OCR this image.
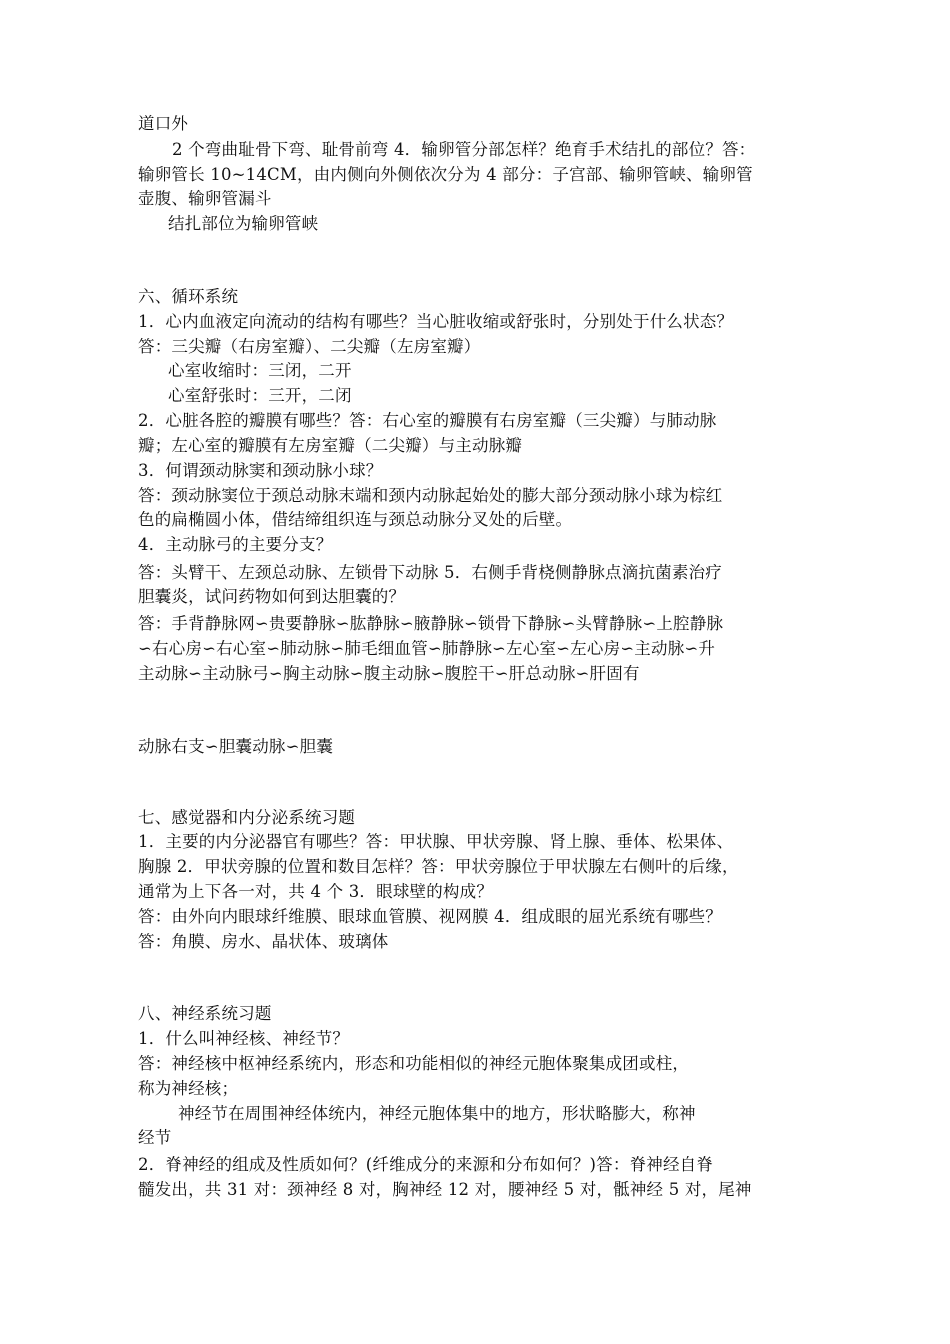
道口外
2 个弯曲耻骨下弯、耻骨前弯 4．输卵管分部怎样？绝育手术结扎的部位？答：
输卵管长 10~14CM，由内侧向外侧依次分为 4 部分：子宫部、输卵管峡、输卵管
壶腹、输卵管漏斗
结扎部位为输卵管峡
六、循环系统
1．心内血液定向流动的结构有哪些？当心脏收缩或舒张时，分别处于什么状态？
答：三尖瓣（右房室瓣）、二尖瓣（左房室瓣）
心室收缩时：三闭，二开
心室舒张时：三开，二闭
2．心脏各腔的瓣膜有哪些？答：右心室的瓣膜有右房室瓣（三尖瓣）与肺动脉
瓣；左心室的瓣膜有左房室瓣（二尖瓣）与主动脉瓣
3．何谓颈动脉窦和颈动脉小球？
答：颈动脉窦位于颈总动脉末端和颈内动脉起始处的膨大部分颈动脉小球为棕红
色的扁椭圆小体，借结缔组织连与颈总动脉分叉处的后壁。
4．主动脉弓的主要分支？
答：头臂干、左颈总动脉、左锁骨下动脉 5．右侧手背桡侧静脉点滴抗菌素治疗
胆囊炎，试问药物如何到达胆囊的？
答：手背静脉网∽贵要静脉∽肱静脉∽腋静脉∽锁骨下静脉∽头臂静脉∽上腔静脉
∽右心房∽右心室∽肺动脉∽肺毛细血管∽肺静脉∽左心室∽左心房∽主动脉∽升
主动脉∽主动脉弓∽胸主动脉∽腹主动脉∽腹腔干∽肝总动脉∽肝固有
动脉右支∽胆囊动脉∽胆囊
七、感觉器和内分泌系统习题
1．主要的内分泌器官有哪些？答：甲状腺、甲状旁腺、肾上腺、垂体、松果体、
胸腺 2．甲状旁腺的位置和数目怎样？答：甲状旁腺位于甲状腺左右侧叶的后缘，
通常为上下各一对，共 4 个 3．眼球壁的构成？
答：由外向内眼球纤维膜、眼球血管膜、视网膜 4．组成眼的屈光系统有哪些？
答：角膜、房水、晶状体、玻璃体
八、神经系统习题
1．什么叫神经核、神经节？
答：神经核中枢神经系统内，形态和功能相似的神经元胞体聚集成团或柱，
称为神经核；
神经节在周围神经体统内，神经元胞体集中的地方，形状略膨大，称神
经节
2．脊神经的组成及性质如何？(纤维成分的来源和分布如何？)答：脊神经自脊
髓发出，共 31 对：颈神经 8 对，胸神经 12 对，腰神经 5 对，骶神经 5 对，尾神
